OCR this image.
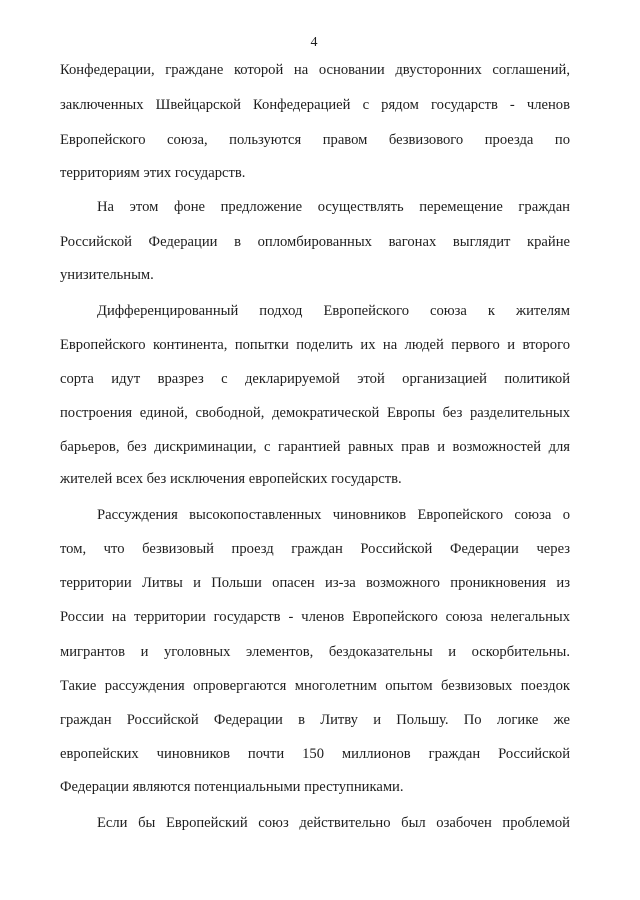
4
Конфедерации, граждане которой на основании двусторонних соглашений,
заключенных Швейцарской Конфедерацией с рядом государств - членов
Европейского союза, пользуются правом безвизового проезда по
территориям этих государств.
На этом фоне предложение осуществлять перемещение граждан
Российской Федерации в опломбированных вагонах выглядит крайне
унизительным.
Дифференцированный подход Европейского союза к жителям
Европейского континента, попытки поделить их на людей первого и второго
сорта идут вразрез с декларируемой этой организацией политикой
построения единой, свободной, демократической Европы без разделительных
барьеров, без дискриминации, с гарантией равных прав и возможностей для
жителей всех без исключения европейских государств.
Рассуждения высокопоставленных чиновников Европейского союза о
том, что безвизовый проезд граждан Российской Федерации через
территории Литвы и Польши опасен из-за возможного проникновения из
России на территории государств - членов Европейского союза нелегальных
мигрантов и уголовных элементов, бездоказательны и оскорбительны.
Такие рассуждения опровергаются многолетним опытом безвизовых поездок
граждан Российской Федерации в Литву и Польшу. По логике же
европейских чиновников почти 150 миллионов граждан Российской
Федерации являются потенциальными преступниками.
Если бы Европейский союз действительно был озабочен проблемой
